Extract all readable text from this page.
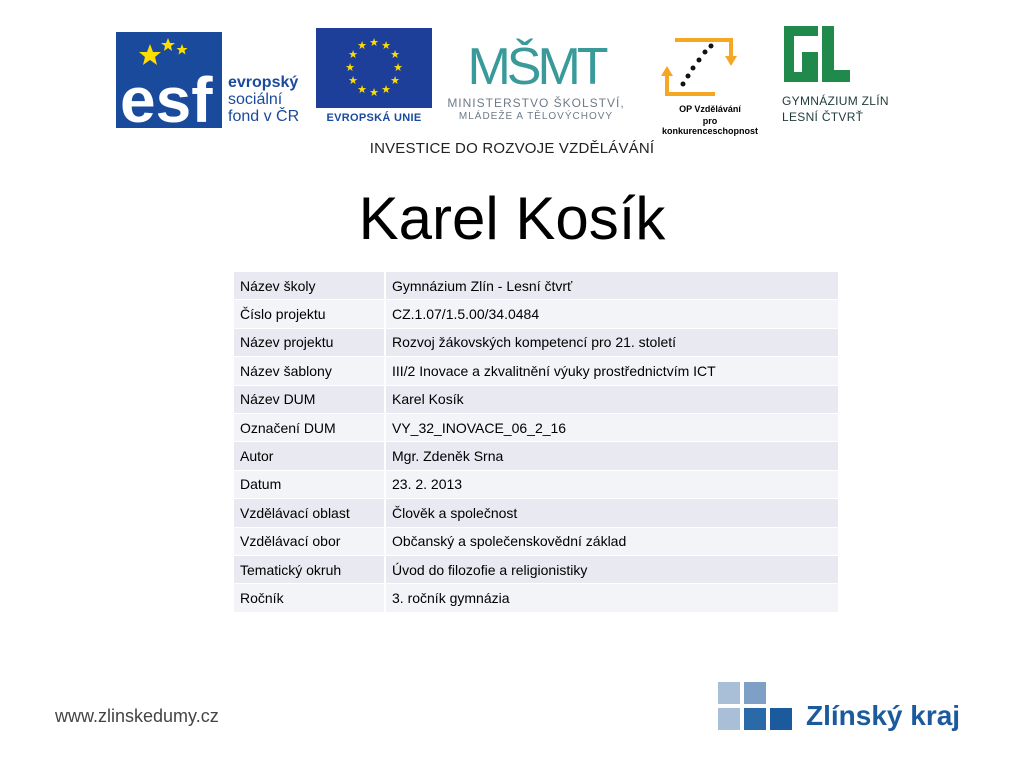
esf evropský
sociální
fond v ČR
★ ★
★
★
★
★
★
★
★
★
★
★
EVROPSKÁ UNIE
MŠMT
MINISTERSTVO ŠKOLSTVÍ,
MLÁDEŽE A TĚLOVÝCHOVY
OP Vzdělávání
pro konkurenceschopnost
GYMNÁZIUM ZLÍN
LESNÍ ČTVRŤ
INVESTICE DO ROZVOJE VZDĚLÁVÁNÍ
Karel Kosík
Název školy	Gymnázium Zlín - Lesní čtvrť
Číslo projektu	CZ.1.07/1.5.00/34.0484
Název projektu	Rozvoj žákovských kompetencí pro 21. století
Název šablony	III/2 Inovace a zkvalitnění výuky prostřednictvím ICT
Název DUM	Karel Kosík
Označení DUM	VY_32_INOVACE_06_2_16
Autor	Mgr. Zdeněk Srna
Datum	23. 2. 2013
Vzdělávací oblast	Člověk a společnost
Vzdělávací obor	Občanský a společenskovědní základ
Tematický okruh	Úvod do filozofie a religionistiky
Ročník	3. ročník gymnázia
www.zlinskedumy.cz	Zlínský kraj
